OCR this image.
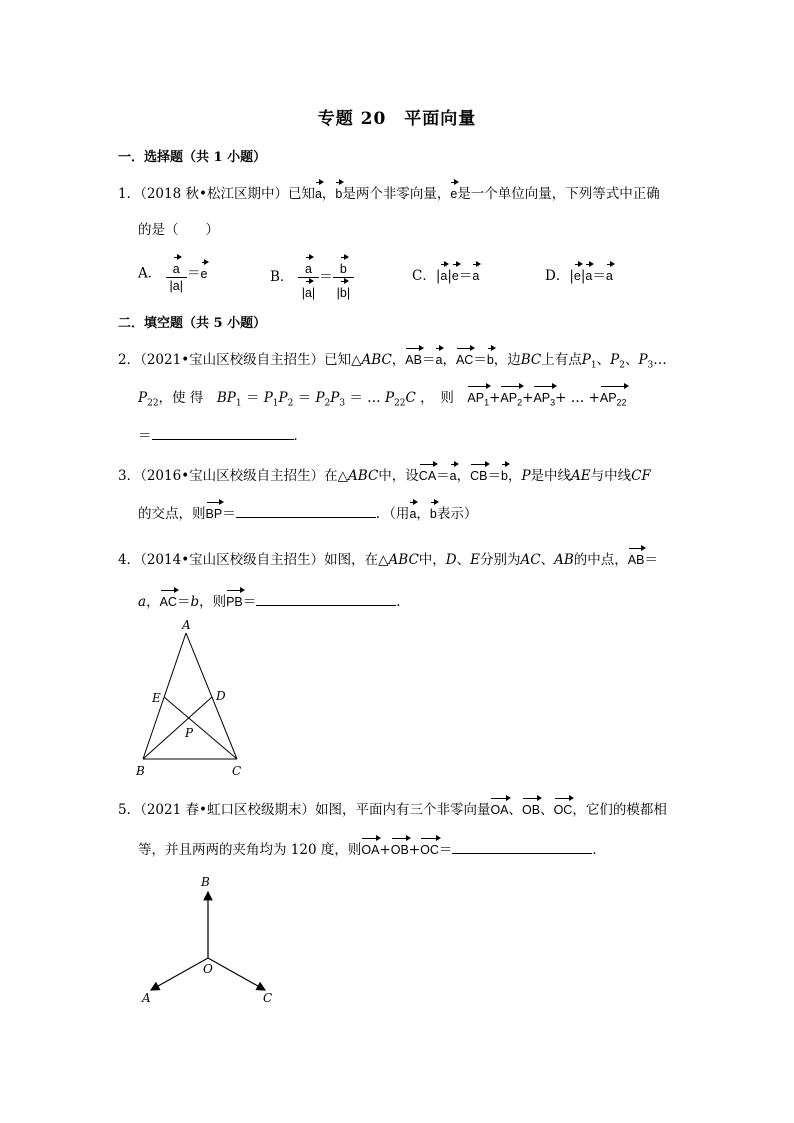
专题 20　平面向量
一．选择题（共 1 小题）
1．（2018 秋•松江区期中）已知a，b是两个非零向量，e是一个单位向量，下列等式中正确
的是（　　）
A． $\frac{a}{|a|} =e$	B． $\frac{a}{|a|} = \frac{b}{|b|}$	C．|a|e＝a	D．|e|a＝a
二．填空题（共 5 小题）
2．（2021•宝山区校级自主招生）已知△ABC，AB＝a，AC＝b，边BC上有点$P_1$、$P_2$、$P_3\dots$
$P_{22}$，使 得　 $BP_1 = P_1P_2 = P_2P_3$ ＝ … $P_{22}C$ ，　则　 $AP_1+AP_2+AP_3+$ … $+AP_{22}$
＝	．
3．（2016•宝山区校级自主招生）在△ABC中，设CA＝a，CB＝b，P是中线AE与中线CF
的交点，则BP＝	．（用a，b表示）
4．（2014•宝山区校级自主招生）如图，在△ABC中，D、E分别为AC、AB的中点，AB＝
a，AC＝b，则PB＝	．
A
B	C
D
E
P
5．（2021 春•虹口区校级期末）如图，平面内有三个非零向量OA、OB、OC，它们的模都相
等，并且两两的夹角均为 120 度，则OA+OB+OC＝	．
B
O
A	C
